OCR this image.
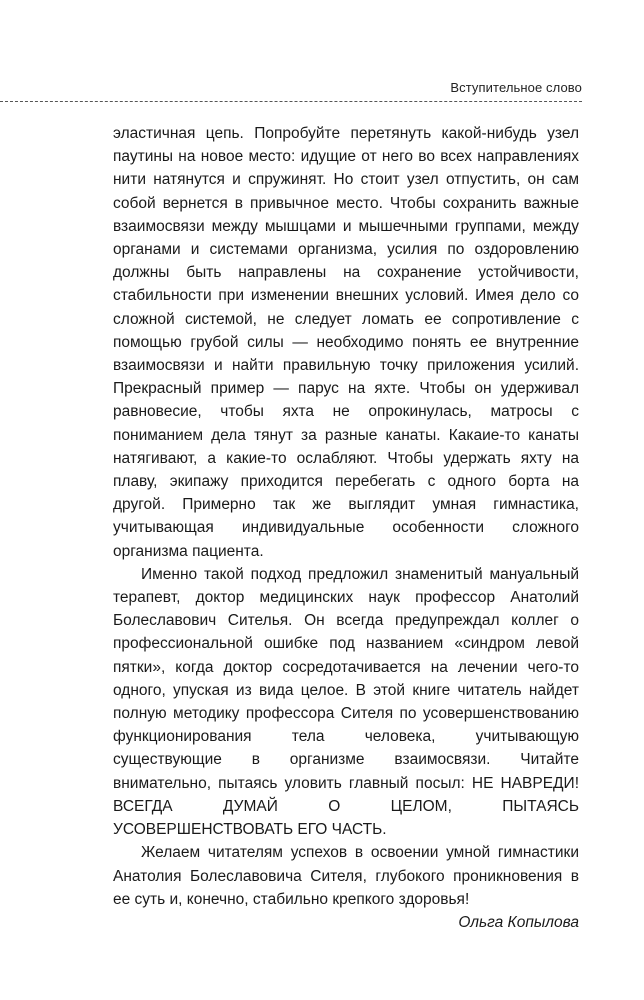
Вступительное слово

эластичная цепь. Попробуйте перетянуть какой-нибудь узел паутины на новое место: идущие от него во всех направлениях нити натянутся и спружинят. Но стоит узел отпустить, он сам собой вернется в привычное место. Чтобы сохранить важные взаимосвязи между мышцами и мышечными группами, между органами и системами организма, усилия по оздоровлению должны быть направлены на сохранение устойчивости, стабильности при изменении внешних условий. Имея дело со сложной системой, не следует ломать ее сопротивление с помощью грубой силы — необходимо понять ее внутренние взаимосвязи и найти правильную точку приложения усилий. Прекрасный пример — парус на яхте. Чтобы он удерживал равновесие, чтобы яхта не опрокинулась, матросы с пониманием дела тянут за разные канаты. Какаие-то канаты натягивают, а какие-то ослабляют. Чтобы удержать яхту на плаву, экипажу приходится перебегать с одного борта на другой. Примерно так же выглядит умная гимнастика, учитывающая индивидуальные особенности сложного организма пациента.

Именно такой подход предложил знаменитый мануальный терапевт, доктор медицинских наук профессор Анатолий Болеславович Сителья. Он всегда предупреждал коллег о профессиональной ошибке под названием «синдром левой пятки», когда доктор сосредотачивается на лечении чего-то одного, упуская из вида целое. В этой книге читатель найдет полную методику профессора Сителя по усовершенствованию функционирования тела человека, учитывающую существующие в организме взаимосвязи. Читайте внимательно, пытаясь уловить главный посыл: НЕ НАВРЕДИ! ВСЕГДА ДУМАЙ О ЦЕЛОМ, ПЫТАЯСЬ УСОВЕРШЕНСТВОВАТЬ ЕГО ЧАСТЬ.

Желаем читателям успехов в освоении умной гимнастики Анатолия Болеславовича Сителя, глубокого проникновения в ее суть и, конечно, стабильно крепкого здоровья!

Ольга Копылова
